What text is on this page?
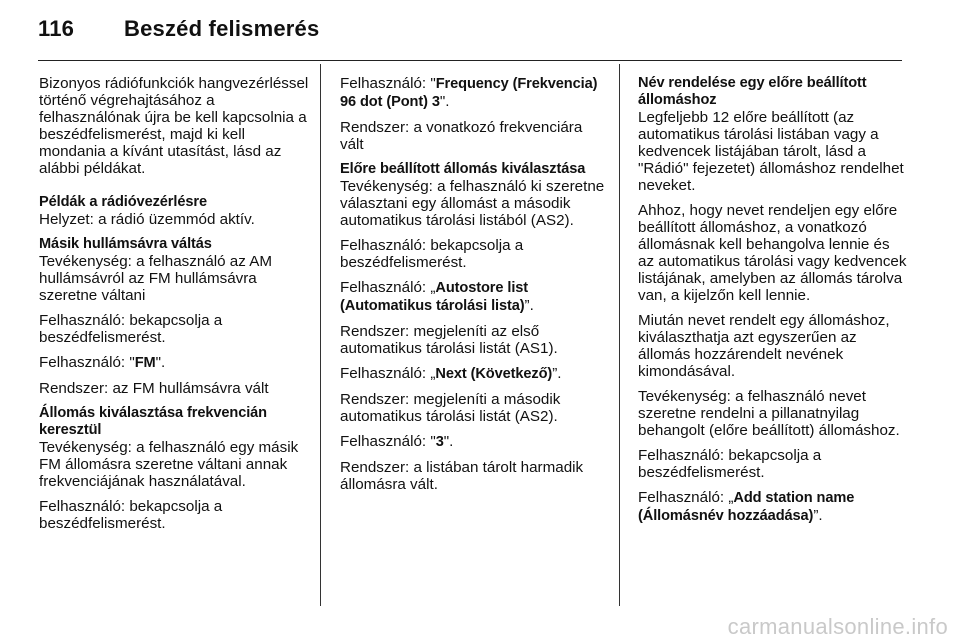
116 Beszéd felismerés

Bizonyos rádiófunkciók hangvezérléssel történő végrehajtásához a felhasználónak újra be kell kapcsolnia a beszédfelismerést, majd ki kell mondania a kívánt utasítást, lásd az alábbi példákat.

Példák a rádióvezérlésre

Helyzet: a rádió üzemmód aktív.

Másik hullámsávra váltás

Tevékenység: a felhasználó az AM hullámsávról az FM hullámsávra szeretne váltani

Felhasználó: bekapcsolja a beszédfelismerést.

Felhasználó: "FM".

Rendszer: az FM hullámsávra vált

Állomás kiválasztása frekvencián keresztül

Tevékenység: a felhasználó egy másik FM állomásra szeretne váltani annak frekvenciájának használatával.

Felhasználó: bekapcsolja a beszédfelismerést.

Felhasználó: "Frequency (Frekvencia) 96 dot (Pont) 3".

Rendszer: a vonatkozó frekvenciára vált

Előre beállított állomás kiválasztása

Tevékenység: a felhasználó ki szeretne választani egy állomást a második automatikus tárolási listából (AS2).

Felhasználó: bekapcsolja a beszédfelismerést.

Felhasználó: „Autostore list (Automatikus tárolási lista)”.

Rendszer: megjeleníti az első automatikus tárolási listát (AS1).

Felhasználó: „Next (Következő)”.

Rendszer: megjeleníti a második automatikus tárolási listát (AS2).

Felhasználó: "3".

Rendszer: a listában tárolt harmadik állomásra vált.

Név rendelése egy előre beállított állomáshoz

Legfeljebb 12 előre beállított (az automatikus tárolási listában vagy a kedvencek listájában tárolt, lásd a "Rádió" fejezetet) állomáshoz rendelhet neveket.

Ahhoz, hogy nevet rendeljen egy előre beállított állomáshoz, a vonatkozó állomásnak kell behangolva lennie és az automatikus tárolási vagy kedvencek listájának, amelyben az állomás tárolva van, a kijelzőn kell lennie.

Miután nevet rendelt egy állomáshoz, kiválaszthatja azt egyszerűen az állomás hozzárendelt nevének kimondásával.

Tevékenység: a felhasználó nevet szeretne rendelni a pillanatnyilag behangolt (előre beállított) állomáshoz.

Felhasználó: bekapcsolja a beszédfelismerést.

Felhasználó: „Add station name (Állomásnév hozzáadása)”.

carmanualsonline.info
